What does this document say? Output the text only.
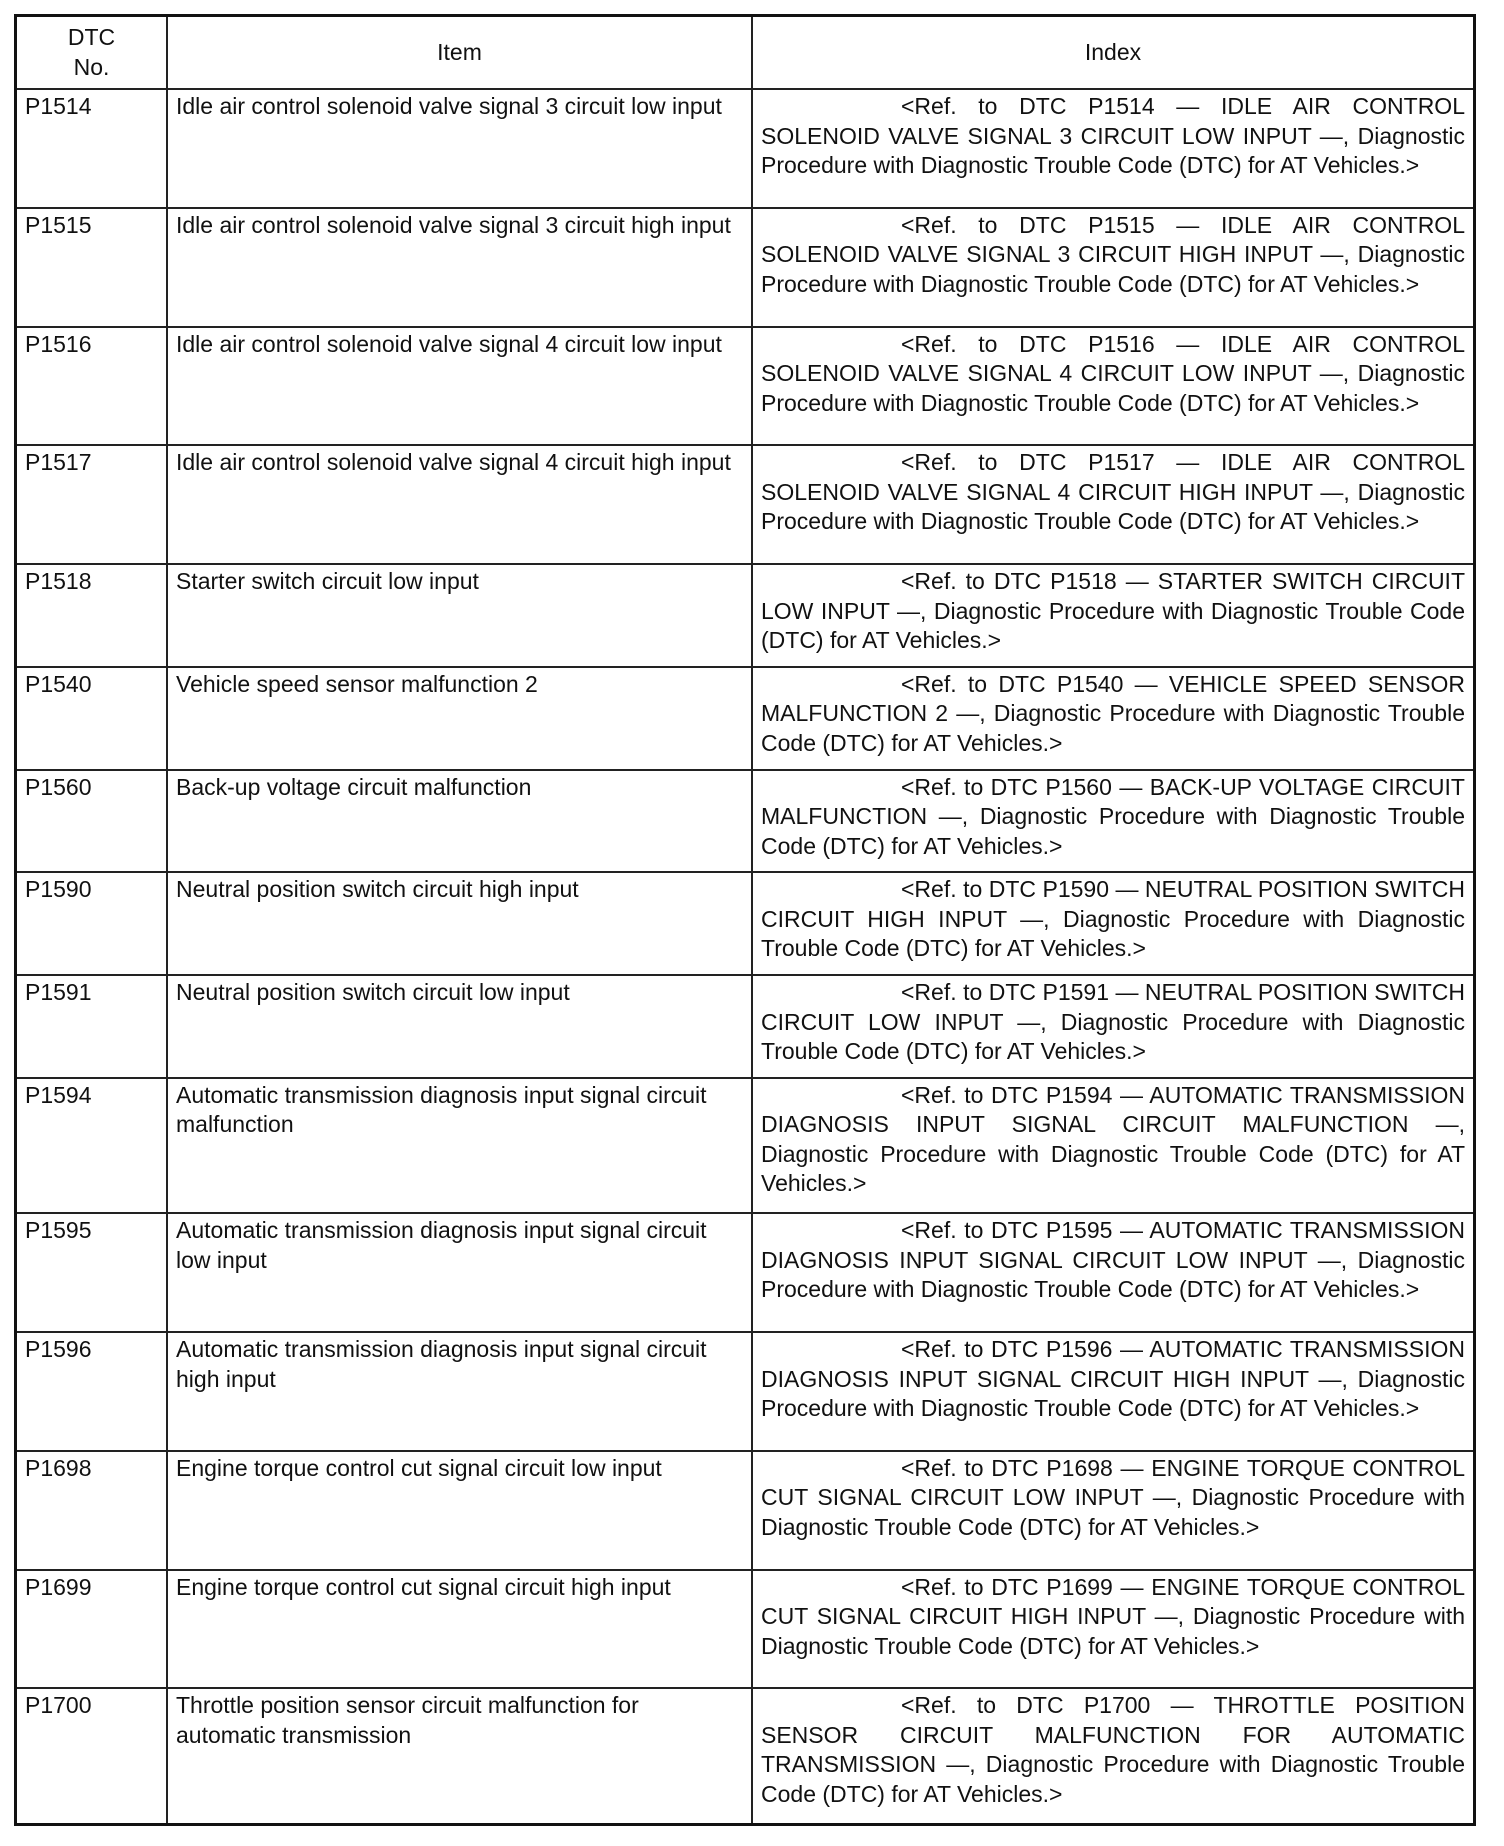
DTC
No.	Item	Index
P1514	Idle air control solenoid valve signal 3 circuit low input	<Ref. to DTC P1514 — IDLE AIR CONTROL SOLENOID VALVE SIGNAL 3 CIRCUIT LOW INPUT —, Diagnostic Procedure with Diagnostic Trouble Code (DTC) for AT Vehicles.>
P1515	Idle air control solenoid valve signal 3 circuit high input	<Ref. to DTC P1515 — IDLE AIR CONTROL SOLENOID VALVE SIGNAL 3 CIRCUIT HIGH INPUT —, Diagnostic Procedure with Diagnostic Trouble Code (DTC) for AT Vehicles.>
P1516	Idle air control solenoid valve signal 4 circuit low input	<Ref. to DTC P1516 — IDLE AIR CONTROL SOLENOID VALVE SIGNAL 4 CIRCUIT LOW INPUT —, Diagnostic Procedure with Diagnostic Trouble Code (DTC) for AT Vehicles.>
P1517	Idle air control solenoid valve signal 4 circuit high input	<Ref. to DTC P1517 — IDLE AIR CONTROL SOLENOID VALVE SIGNAL 4 CIRCUIT HIGH INPUT —, Diagnostic Procedure with Diagnostic Trouble Code (DTC) for AT Vehicles.>
P1518	Starter switch circuit low input	<Ref. to DTC P1518 — STARTER SWITCH CIRCUIT LOW INPUT —, Diagnostic Procedure with Diagnostic Trouble Code (DTC) for AT Vehicles.>
P1540	Vehicle speed sensor malfunction 2	<Ref. to DTC P1540 — VEHICLE SPEED SENSOR MALFUNCTION 2 —, Diagnostic Procedure with Diagnostic Trouble Code (DTC) for AT Vehicles.>
P1560	Back-up voltage circuit malfunction	<Ref. to DTC P1560 — BACK-UP VOLTAGE CIRCUIT MALFUNCTION —, Diagnostic Procedure with Diagnostic Trouble Code (DTC) for AT Vehicles.>
P1590	Neutral position switch circuit high input	<Ref. to DTC P1590 — NEUTRAL POSITION SWITCH CIRCUIT HIGH INPUT —, Diagnostic Procedure with Diagnostic Trouble Code (DTC) for AT Vehicles.>
P1591	Neutral position switch circuit low input	<Ref. to DTC P1591 — NEUTRAL POSITION SWITCH CIRCUIT LOW INPUT —, Diagnostic Procedure with Diagnostic Trouble Code (DTC) for AT Vehicles.>
P1594	Automatic transmission diagnosis input signal circuit malfunction	<Ref. to DTC P1594 — AUTOMATIC TRANSMISSION DIAGNOSIS INPUT SIGNAL CIRCUIT MALFUNCTION —, Diagnostic Procedure with Diagnostic Trouble Code (DTC) for AT Vehicles.>
P1595	Automatic transmission diagnosis input signal circuit low input	<Ref. to DTC P1595 — AUTOMATIC TRANSMISSION DIAGNOSIS INPUT SIGNAL CIRCUIT LOW INPUT —, Diagnostic Procedure with Diagnostic Trouble Code (DTC) for AT Vehicles.>
P1596	Automatic transmission diagnosis input signal circuit high input	<Ref. to DTC P1596 — AUTOMATIC TRANSMISSION DIAGNOSIS INPUT SIGNAL CIRCUIT HIGH INPUT —, Diagnostic Procedure with Diagnostic Trouble Code (DTC) for AT Vehicles.>
P1698	Engine torque control cut signal circuit low input	<Ref. to DTC P1698 — ENGINE TORQUE CONTROL CUT SIGNAL CIRCUIT LOW INPUT —, Diagnostic Procedure with Diagnostic Trouble Code (DTC) for AT Vehicles.>
P1699	Engine torque control cut signal circuit high input	<Ref. to DTC P1699 — ENGINE TORQUE CONTROL CUT SIGNAL CIRCUIT HIGH INPUT —, Diagnostic Procedure with Diagnostic Trouble Code (DTC) for AT Vehicles.>
P1700	Throttle position sensor circuit malfunction for automatic transmission	<Ref. to DTC P1700 — THROTTLE POSITION SENSOR CIRCUIT MALFUNCTION FOR AUTOMATIC TRANSMISSION —, Diagnostic Procedure with Diagnostic Trouble Code (DTC) for AT Vehicles.>
